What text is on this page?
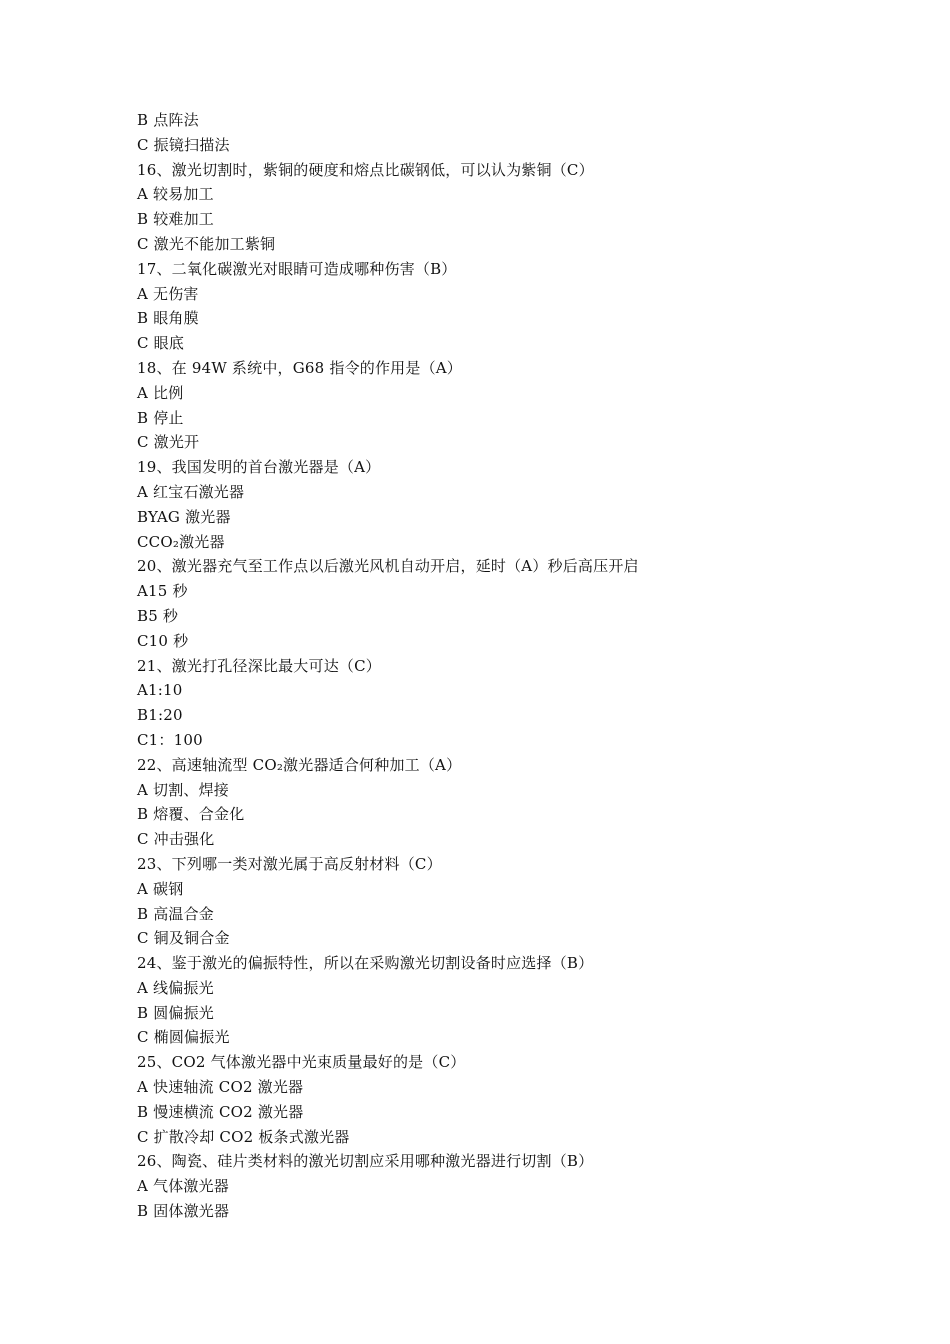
B 点阵法
C 振镜扫描法
16、激光切割时，紫铜的硬度和熔点比碳钢低，可以认为紫铜（C）
A 较易加工
B 较难加工
C 激光不能加工紫铜
17、二氧化碳激光对眼睛可造成哪种伤害（B）
A 无伤害
B 眼角膜
C 眼底
18、在 94W 系统中，G68 指令的作用是（A）
A 比例
B 停止
C 激光开
19、我国发明的首台激光器是（A）
A 红宝石激光器
BYAG 激光器
CCO₂激光器
20、激光器充气至工作点以后激光风机自动开启，延时（A）秒后高压开启
A15 秒
B5 秒
C10 秒
21、激光打孔径深比最大可达（C）
A1:10
B1:20
C1：100
22、高速轴流型 CO₂激光器适合何种加工（A）
A 切割、焊接
B 熔覆、合金化
C 冲击强化
23、下列哪一类对激光属于高反射材料（C）
A 碳钢
B 高温合金
C 铜及铜合金
24、鉴于激光的偏振特性，所以在采购激光切割设备时应选择（B）
A 线偏振光
B 圆偏振光
C 椭圆偏振光
25、CO2 气体激光器中光束质量最好的是（C）
A 快速轴流 CO2 激光器
B 慢速横流 CO2 激光器
C 扩散冷却 CO2 板条式激光器
26、陶瓷、硅片类材料的激光切割应采用哪种激光器进行切割（B）
A 气体激光器
B 固体激光器
